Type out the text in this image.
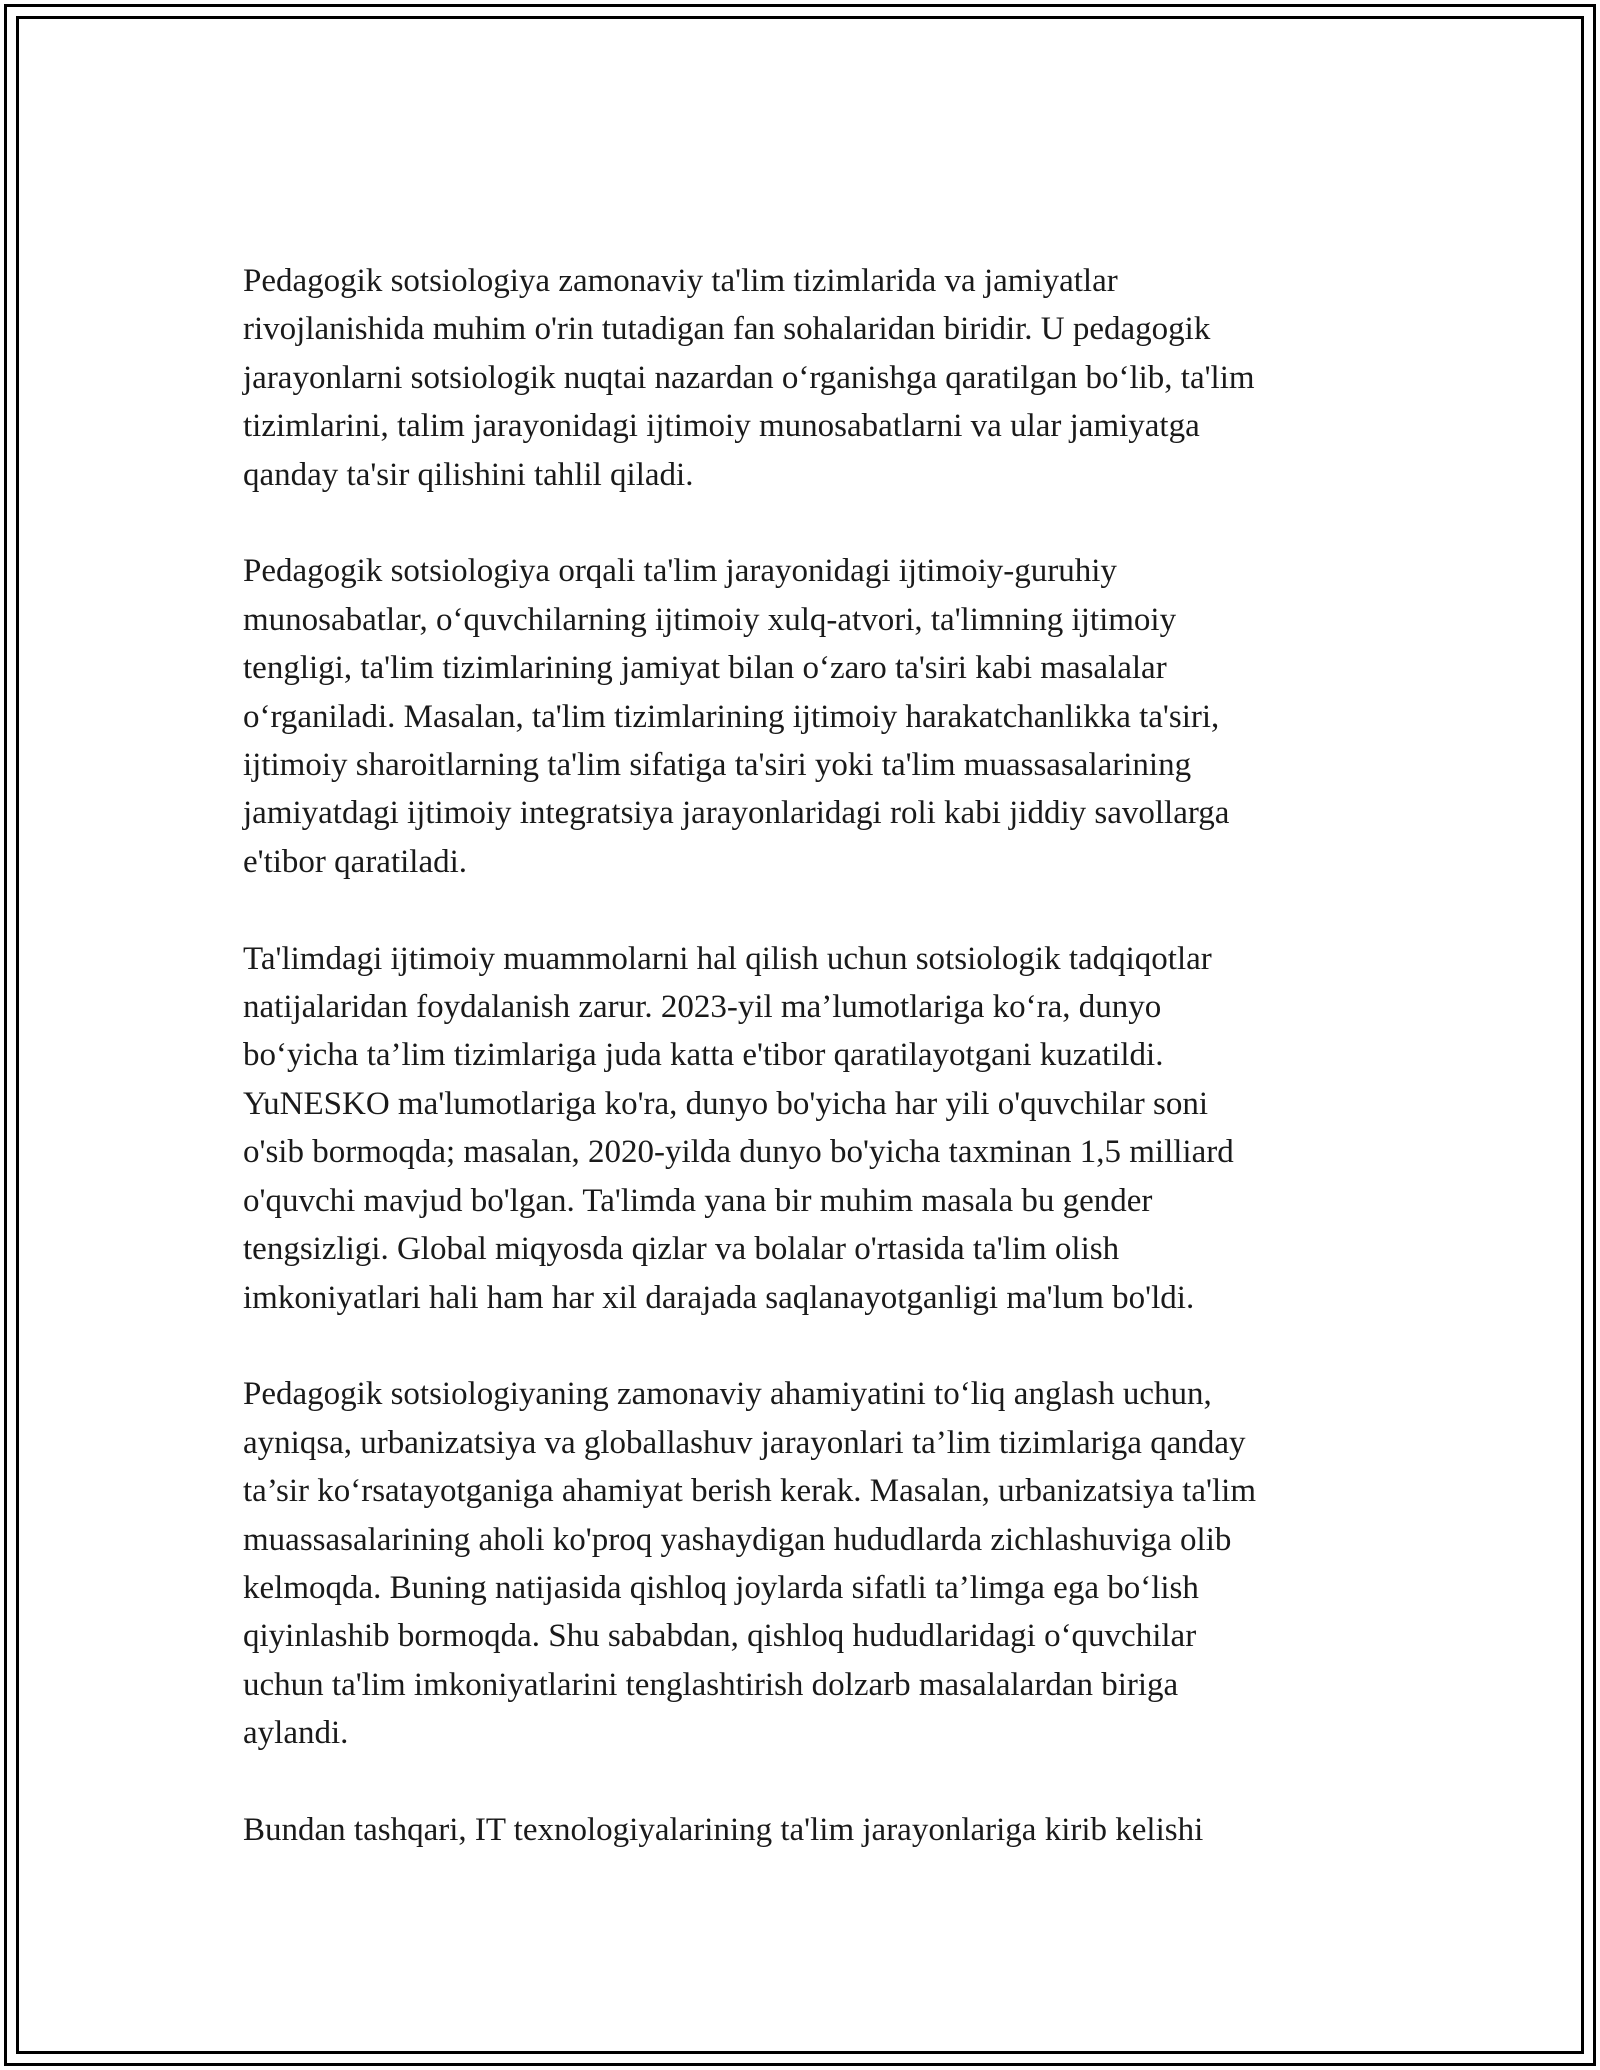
Pedagogik sotsiologiya zamonaviy ta'lim tizimlarida va jamiyatlar
rivojlanishida muhim o'rin tutadigan fan sohalaridan biridir. U pedagogik
jarayonlarni sotsiologik nuqtai nazardan o‘rganishga qaratilgan bo‘lib, ta'lim
tizimlarini, talim jarayonidagi ijtimoiy munosabatlarni va ular jamiyatga
qanday ta'sir qilishini tahlil qiladi.

Pedagogik sotsiologiya orqali ta'lim jarayonidagi ijtimoiy-guruhiy
munosabatlar, o‘quvchilarning ijtimoiy xulq-atvori, ta'limning ijtimoiy
tengligi, ta'lim tizimlarining jamiyat bilan o‘zaro ta'siri kabi masalalar
o‘rganiladi. Masalan, ta'lim tizimlarining ijtimoiy harakatchanlikka ta'siri,
ijtimoiy sharoitlarning ta'lim sifatiga ta'siri yoki ta'lim muassasalarining
jamiyatdagi ijtimoiy integratsiya jarayonlaridagi roli kabi jiddiy savollarga
e'tibor qaratiladi.

Ta'limdagi ijtimoiy muammolarni hal qilish uchun sotsiologik tadqiqotlar
natijalaridan foydalanish zarur. 2023-yil ma’lumotlariga ko‘ra, dunyo
bo‘yicha ta’lim tizimlariga juda katta e'tibor qaratilayotgani kuzatildi.
YuNESKO ma'lumotlariga ko'ra, dunyo bo'yicha har yili o'quvchilar soni
o'sib bormoqda; masalan, 2020-yilda dunyo bo'yicha taxminan 1,5 milliard
o'quvchi mavjud bo'lgan. Ta'limda yana bir muhim masala bu gender
tengsizligi. Global miqyosda qizlar va bolalar o'rtasida ta'lim olish
imkoniyatlari hali ham har xil darajada saqlanayotganligi ma'lum bo'ldi.

Pedagogik sotsiologiyaning zamonaviy ahamiyatini to‘liq anglash uchun,
ayniqsa, urbanizatsiya va globallashuv jarayonlari ta’lim tizimlariga qanday
ta’sir ko‘rsatayotganiga ahamiyat berish kerak. Masalan, urbanizatsiya ta'lim
muassasalarining aholi ko'proq yashaydigan hududlarda zichlashuviga olib
kelmoqda. Buning natijasida qishloq joylarda sifatli ta’limga ega bo‘lish
qiyinlashib bormoqda. Shu sababdan, qishloq hududlaridagi o‘quvchilar
uchun ta'lim imkoniyatlarini tenglashtirish dolzarb masalalardan biriga
aylandi.

Bundan tashqari, IT texnologiyalarining ta'lim jarayonlariga kirib kelishi
